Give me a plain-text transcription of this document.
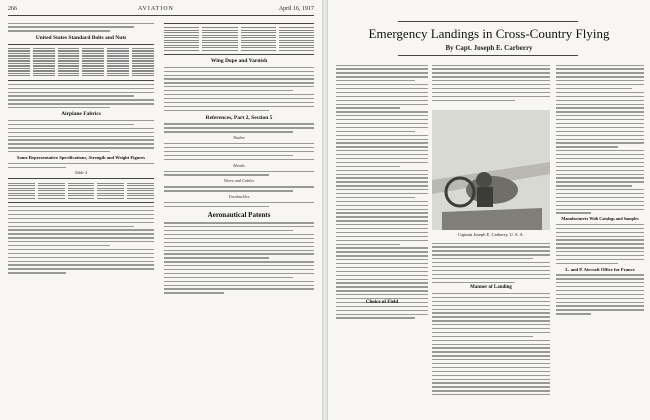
266	AVIATION	April 16, 1917
United States Standard Bolts and Nuts
Airplane Fabrics
Some Representative Specifications, Strength and Weight Figures
Table 5
Wing Dope and Varnish
References, Part 2, Section 5
Timber
Metals
Wires and Cables
Turnbuckles
Aeronautical Patents
Emergency Landings in Cross-Country Flying
By Capt. Joseph E. Carberry
Captain Joseph E. Carberry, U. S. A.
Manner of Landing
Manufacturers With Catalogs and Samples
L. and P. Aircraft Office for France
Choice of Field
